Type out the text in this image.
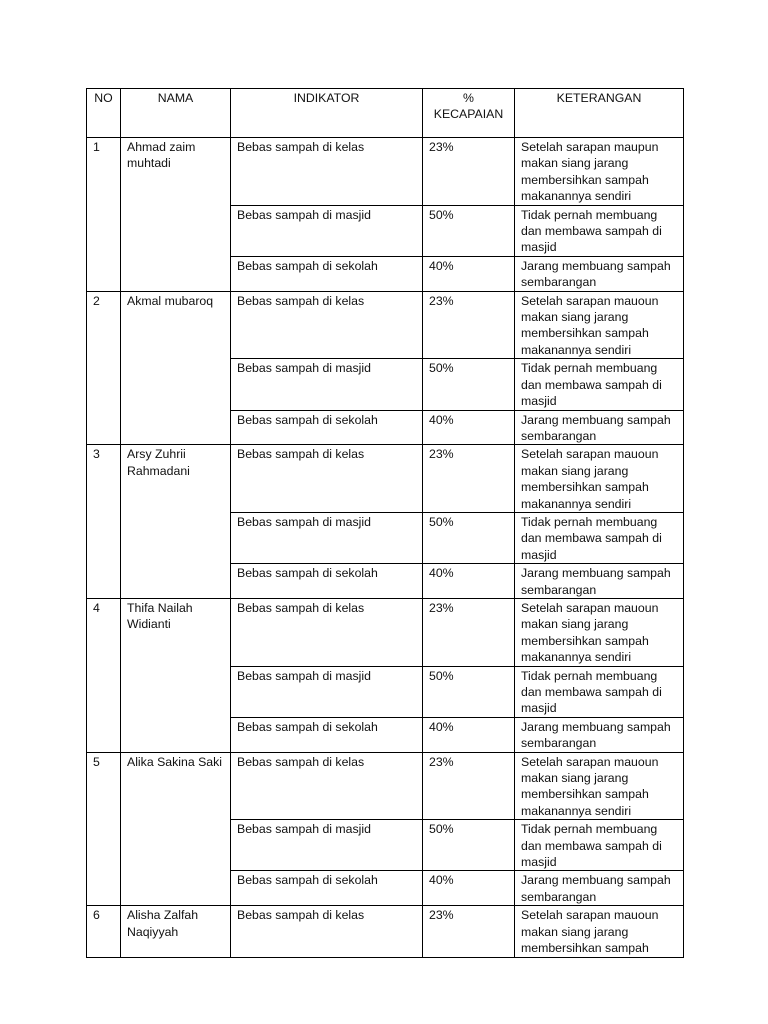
NO	NAMA	INDIKATOR	% KECAPAIAN	KETERANGAN
1	Ahmad zaim muhtadi	Bebas sampah di kelas	23%	Setelah sarapan maupun makan siang jarang membersihkan sampah makanannya sendiri
		Bebas sampah di masjid	50%	Tidak pernah membuang dan membawa sampah di masjid
		Bebas sampah di sekolah	40%	Jarang membuang sampah sembarangan
2	Akmal mubaroq	Bebas sampah di kelas	23%	Setelah sarapan mauoun makan siang jarang membersihkan sampah makanannya sendiri
		Bebas sampah di masjid	50%	Tidak pernah membuang dan membawa sampah di masjid
		Bebas sampah di sekolah	40%	Jarang membuang sampah sembarangan
3	Arsy Zuhrii Rahmadani	Bebas sampah di kelas	23%	Setelah sarapan mauoun makan siang jarang membersihkan sampah makanannya sendiri
		Bebas sampah di masjid	50%	Tidak pernah membuang dan membawa sampah di masjid
		Bebas sampah di sekolah	40%	Jarang membuang sampah sembarangan
4	Thifa Nailah Widianti	Bebas sampah di kelas	23%	Setelah sarapan mauoun makan siang jarang membersihkan sampah makanannya sendiri
		Bebas sampah di masjid	50%	Tidak pernah membuang dan membawa sampah di masjid
		Bebas sampah di sekolah	40%	Jarang membuang sampah sembarangan
5	Alika Sakina Saki	Bebas sampah di kelas	23%	Setelah sarapan mauoun makan siang jarang membersihkan sampah makanannya sendiri
		Bebas sampah di masjid	50%	Tidak pernah membuang dan membawa sampah di masjid
		Bebas sampah di sekolah	40%	Jarang membuang sampah sembarangan
6	Alisha Zalfah Naqiyyah	Bebas sampah di kelas	23%	Setelah sarapan mauoun makan siang jarang membersihkan sampah
